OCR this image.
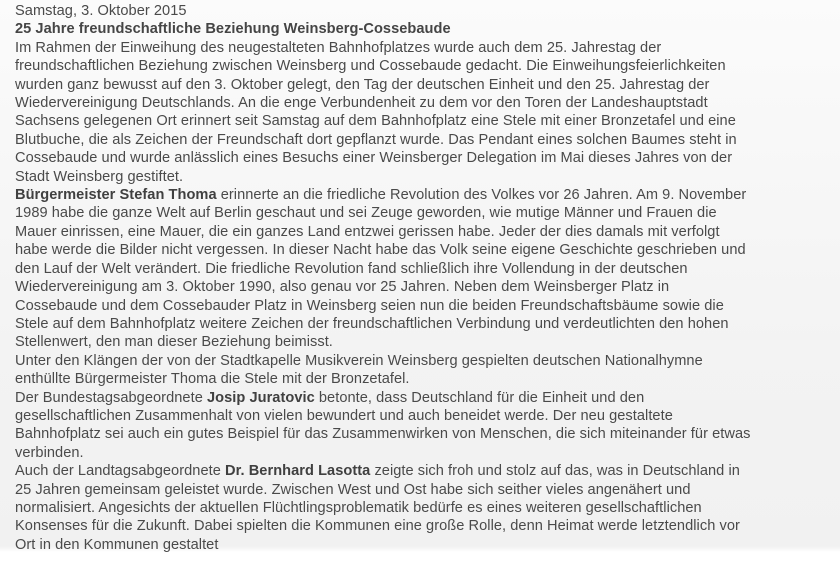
Samstag, 3. Oktober 2015
25 Jahre freundschaftliche Beziehung Weinsberg-Cossebaude
Im Rahmen der Einweihung des neugestalteten Bahnhofplatzes wurde auch dem 25. Jahrestag der
freundschaftlichen Beziehung zwischen Weinsberg und Cossebaude gedacht. Die Einweihungsfeierlichkeiten
wurden ganz bewusst auf den 3. Oktober gelegt, den Tag der deutschen Einheit und den 25. Jahrestag der
Wiedervereinigung Deutschlands. An die enge Verbundenheit zu dem vor den Toren der Landeshauptstadt
Sachsens gelegenen Ort erinnert seit Samstag auf dem Bahnhofplatz eine Stele mit einer Bronzetafel und eine
Blutbuche, die als Zeichen der Freundschaft dort gepflanzt wurde. Das Pendant eines solchen Baumes steht in
Cossebaude und wurde anlässlich eines Besuchs einer Weinsberger Delegation im Mai dieses Jahres von der
Stadt Weinsberg gestiftet.
Bürgermeister Stefan Thoma erinnerte an die friedliche Revolution des Volkes vor 26 Jahren. Am 9. November
1989 habe die ganze Welt auf Berlin geschaut und sei Zeuge geworden, wie mutige Männer und Frauen die
Mauer einrissen, eine Mauer, die ein ganzes Land entzwei gerissen habe. Jeder der dies damals mit verfolgt
habe werde die Bilder nicht vergessen. In dieser Nacht habe das Volk seine eigene Geschichte geschrieben und
den Lauf der Welt verändert. Die friedliche Revolution fand schließlich ihre Vollendung in der deutschen
Wiedervereinigung am 3. Oktober 1990, also genau vor 25 Jahren. Neben dem Weinsberger Platz in
Cossebaude und dem Cossebauder Platz in Weinsberg seien nun die beiden Freundschaftsbäume sowie die
Stele auf dem Bahnhofplatz weitere Zeichen der freundschaftlichen Verbindung und verdeutlichten den hohen
Stellenwert, den man dieser Beziehung beimisst.
Unter den Klängen der von der Stadtkapelle Musikverein Weinsberg gespielten deutschen Nationalhymne
enthüllte Bürgermeister Thoma die Stele mit der Bronzetafel.
Der Bundestagsabgeordnete Josip Juratovic betonte, dass Deutschland für die Einheit und den
gesellschaftlichen Zusammenhalt von vielen bewundert und auch beneidet werde. Der neu gestaltete
Bahnhofplatz sei auch ein gutes Beispiel für das Zusammenwirken von Menschen, die sich miteinander für etwas
verbinden.
Auch der Landtagsabgeordnete Dr. Bernhard Lasotta zeigte sich froh und stolz auf das, was in Deutschland in
25 Jahren gemeinsam geleistet wurde. Zwischen West und Ost habe sich seither vieles angenähert und
normalisiert. Angesichts der aktuellen Flüchtlingsproblematik bedürfe es eines weiteren gesellschaftlichen
Konsenses für die Zukunft. Dabei spielten die Kommunen eine große Rolle, denn Heimat werde letztendlich vor
Ort in den Kommunen gestaltet
